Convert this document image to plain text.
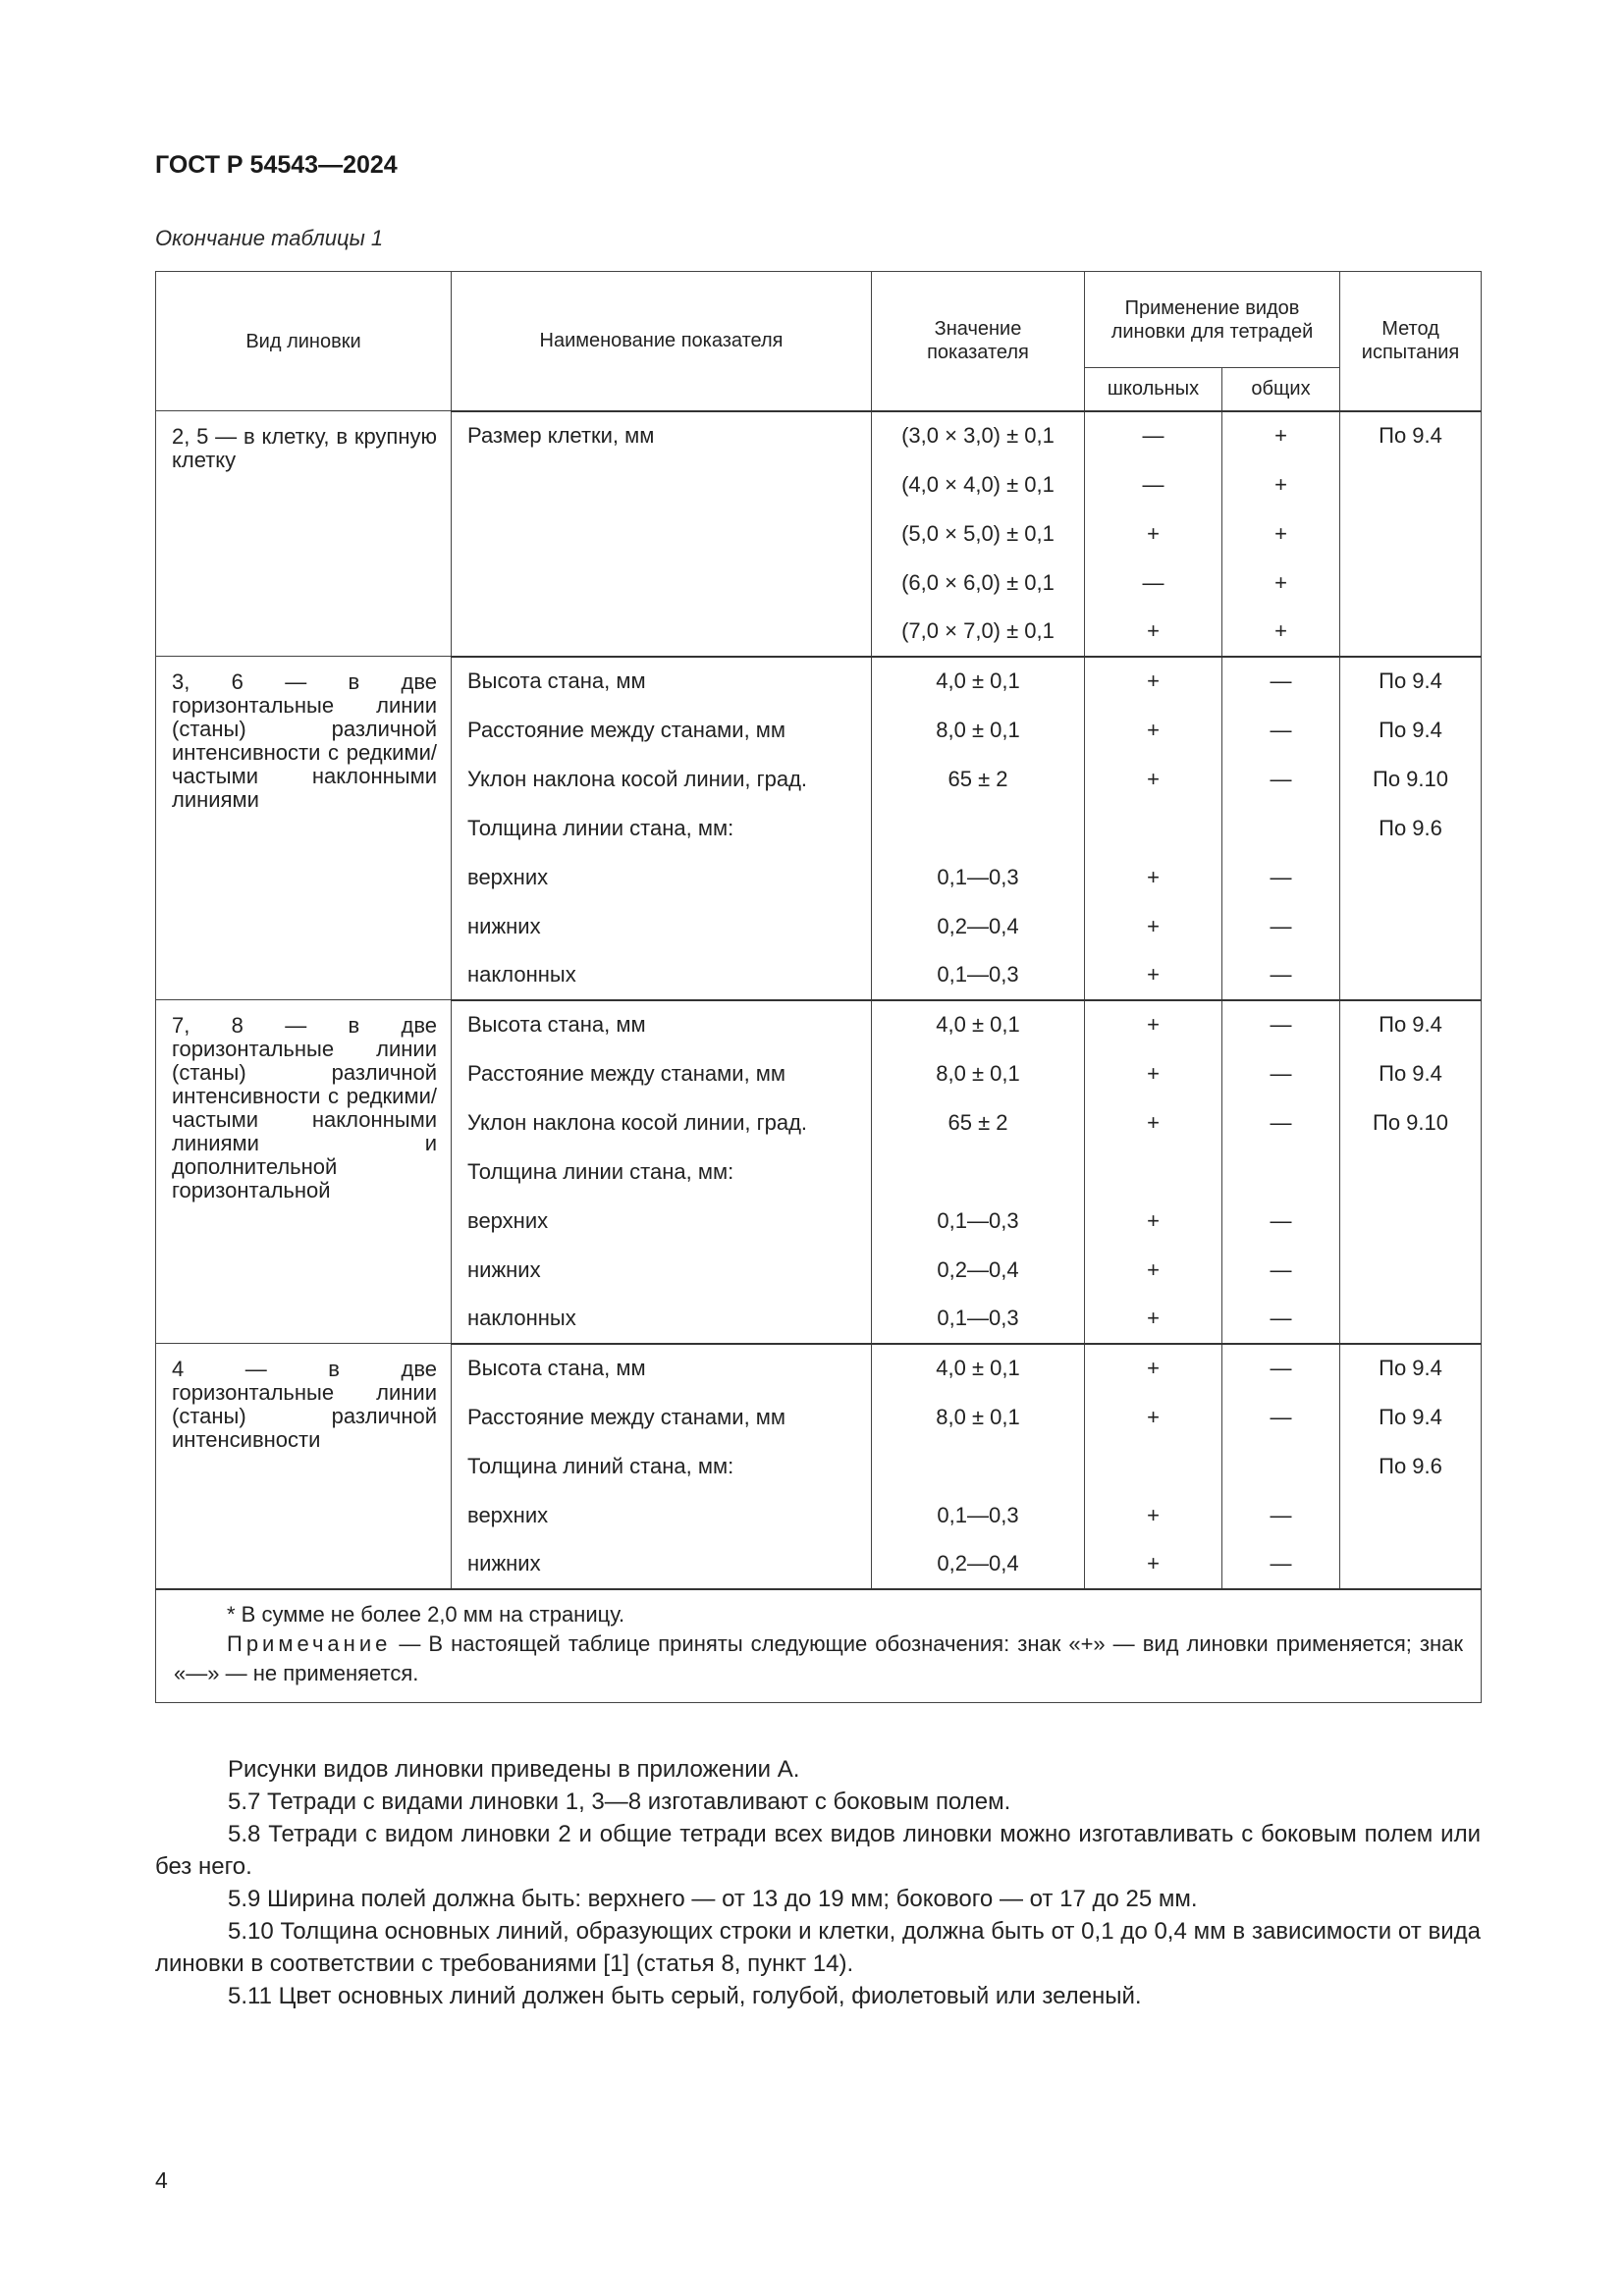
ГОСТ Р 54543—2024
Окончание таблицы 1
Вид линовки	Наименование показателя	Значение показателя	Применение видов линовки для тетрадей		Метод испытания
			школьных	общих	
2, 5 — в клетку, в крупную клетку	Размер клетки, мм	(3,0 × 3,0) ± 0,1	—	+	По 9.4
		(4,0 × 4,0) ± 0,1	—	+	
		(5,0 × 5,0) ± 0,1	+	+	
		(6,0 × 6,0) ± 0,1	—	+	
		(7,0 × 7,0) ± 0,1	+	+	
3, 6 — в две горизонтальные линии (станы) различной интенсивности с редкими/частыми наклонными линиями	Высота стана, мм	4,0 ± 0,1	+	—	По 9.4
	Расстояние между станами, мм	8,0 ± 0,1	+	—	По 9.4
	Уклон наклона косой линии, град.	65 ± 2	+	—	По 9.10
	Толщина линии стана, мм:				По 9.6
	верхних	0,1—0,3	+	—	
	нижних	0,2—0,4	+	—	
	наклонных	0,1—0,3	+	—	
7, 8 — в две горизонтальные линии (станы) различной интенсивности с редкими/частыми наклонными линиями и дополнительной горизонтальной	Высота стана, мм	4,0 ± 0,1	+	—	По 9.4
	Расстояние между станами, мм	8,0 ± 0,1	+	—	По 9.4
	Уклон наклона косой линии, град.	65 ± 2	+	—	По 9.10
	Толщина линии стана, мм:				
	верхних	0,1—0,3	+	—	
	нижних	0,2—0,4	+	—	
	наклонных	0,1—0,3	+	—	
4 — в две горизонтальные линии (станы) различной интенсивности	Высота стана, мм	4,0 ± 0,1	+	—	По 9.4
	Расстояние между станами, мм	8,0 ± 0,1	+	—	По 9.4
	Толщина линий стана, мм:				По 9.6
	верхних	0,1—0,3	+	—	
	нижних	0,2—0,4	+	—	

* В сумме не более 2,0 мм на страницу.
Примечание — В настоящей таблице приняты следующие обозначения: знак «+» — вид линовки применяется; знак «—» — не применяется.					

Рисунки видов линовки приведены в приложении А.

5.7 Тетради с видами линовки 1, 3—8 изготавливают с боковым полем.

5.8 Тетради с видом линовки 2 и общие тетради всех видов линовки можно изготавливать с боковым полем или без него.

5.9 Ширина полей должна быть: верхнего — от 13 до 19 мм; бокового — от 17 до 25 мм.

5.10 Толщина основных линий, образующих строки и клетки, должна быть от 0,1 до 0,4 мм в зависимости от вида линовки в соответствии с требованиями [1] (статья 8, пункт 14).

5.11 Цвет основных линий должен быть серый, голубой, фиолетовый или зеленый.

4
